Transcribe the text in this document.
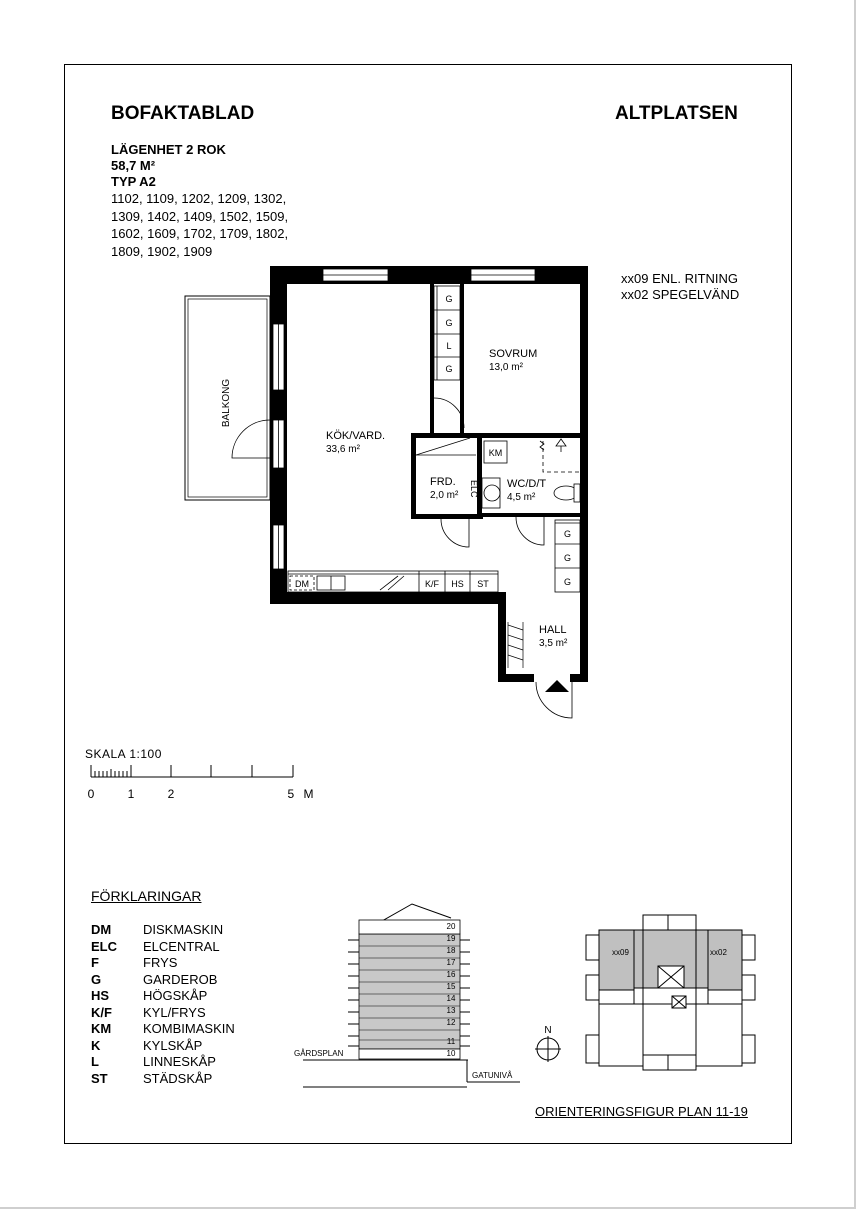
BOFAKTABLAD	ALTPLATSEN
LÄGENHET 2 ROK
58,7 M²
TYP A2
1102, 1109, 1202, 1209, 1302,
1309, 1402, 1409, 1502, 1509,
1602, 1609, 1702, 1709, 1802,
1809, 1902, 1909
xx09 ENL. RITNING
xx02 SPEGELVÄND
BALKONG
G
G
L
G
SOVRUM
13,0 m²
KÖK/VARD.
33,6 m²
FRD.
2,0 m²
WC/D/T
4,5 m²
HALL
3,5 m²
ELC
KM
G
G
G
DM	K/F HS ST
SKALA 1:100
0	1	2	5 M
20
19
18
17
16
15
14
13
12
11
10
GÅRDSPLAN
GATUNIVÅ
N
xx09	xx02
FÖRKLARINGAR
DM DISKMASKIN
ELC ELCENTRAL
F	FRYS
G	GARDEROB
HS	HÖGSKÅP
K/F KYL/FRYS
KM KOMBIMASKIN
K	KYLSKÅP
L	LINNESKÅP
ST	STÄDSKÅP
ORIENTERINGSFIGUR PLAN 11-19
